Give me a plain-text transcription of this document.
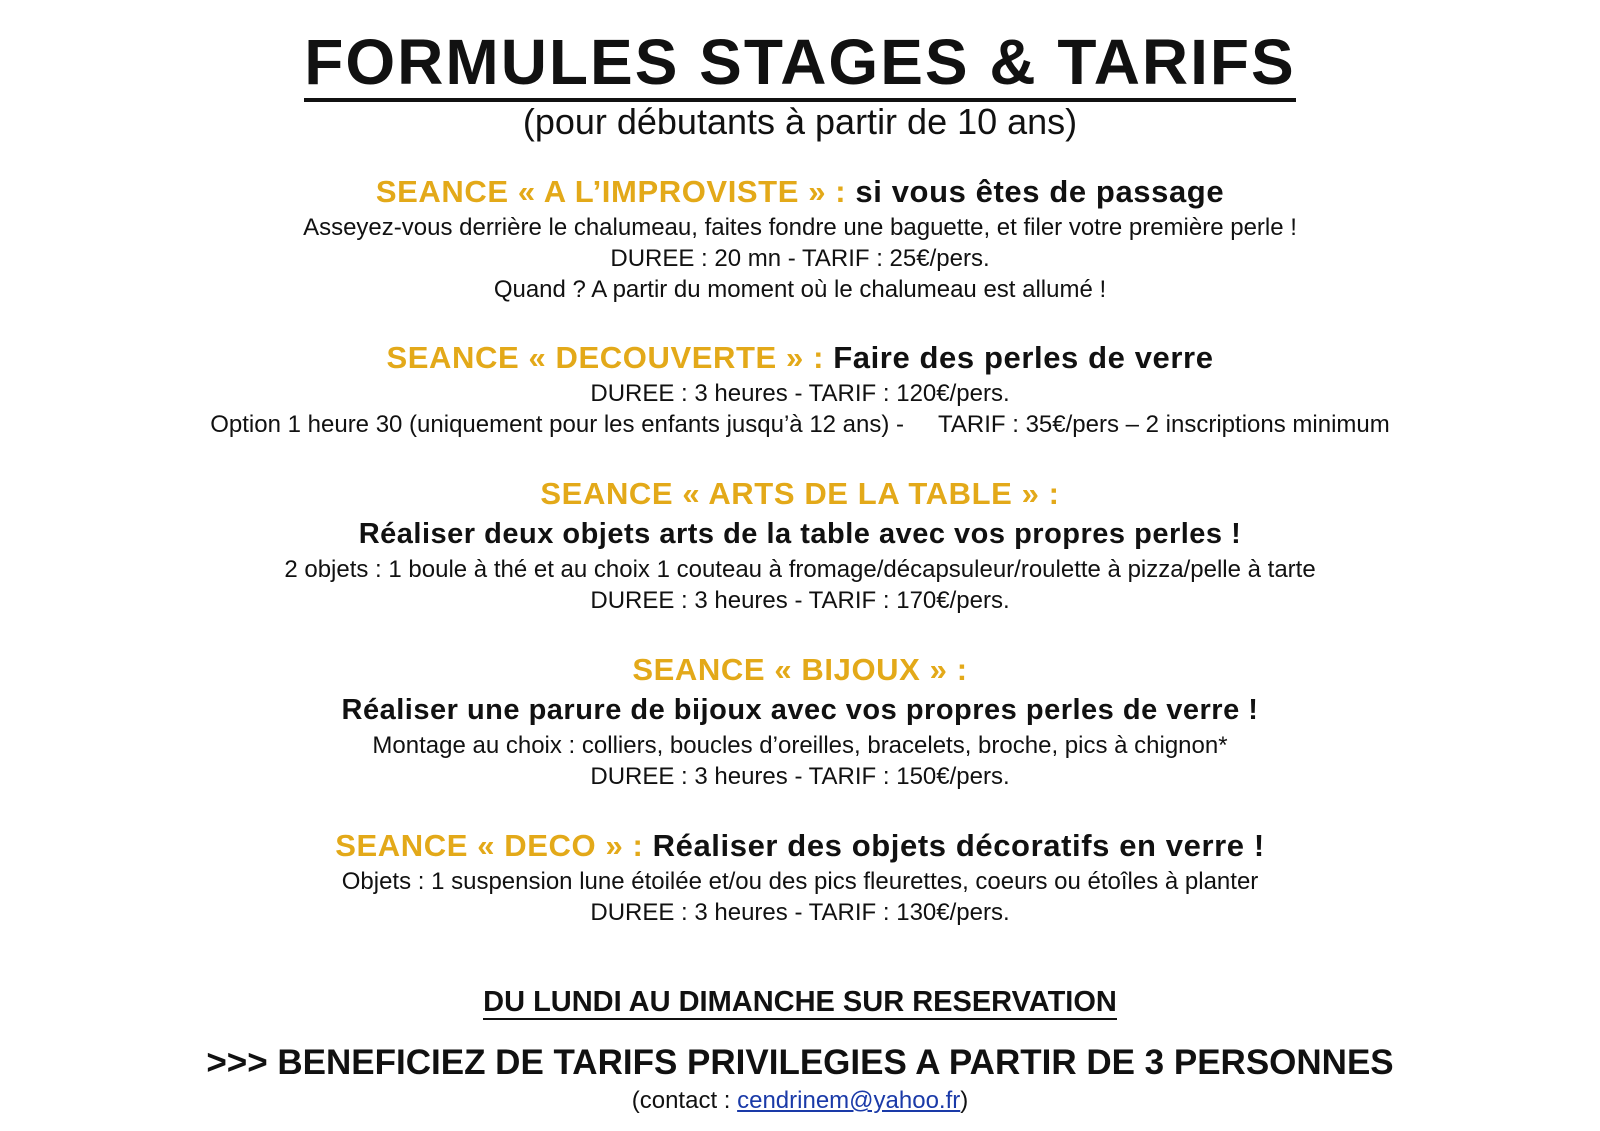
FORMULES STAGES & TARIFS
(pour débutants à partir de 10 ans)
SEANCE « A L’IMPROVISTE » : si vous êtes de passage
Asseyez-vous derrière le chalumeau, faites fondre une baguette, et filer votre première perle !
DUREE : 20 mn - TARIF : 25€/pers.
Quand ? A partir du moment où le chalumeau est allumé !
SEANCE « DECOUVERTE » : Faire des perles de verre
DUREE : 3 heures - TARIF : 120€/pers.
Option 1 heure 30 (uniquement pour les enfants jusqu’à 12 ans) - TARIF : 35€/pers – 2 inscriptions minimum
SEANCE « ARTS DE LA TABLE » :
Réaliser deux objets arts de la table avec vos propres perles !
2 objets : 1 boule à thé et au choix 1 couteau à fromage/décapsuleur/roulette à pizza/pelle à tarte
DUREE : 3 heures - TARIF : 170€/pers.
SEANCE « BIJOUX » :
Réaliser une parure de bijoux avec vos propres perles de verre !
Montage au choix : colliers, boucles d’oreilles, bracelets, broche, pics à chignon*
DUREE : 3 heures - TARIF : 150€/pers.
SEANCE « DECO » : Réaliser des objets décoratifs en verre !
Objets : 1 suspension lune étoilée et/ou des pics fleurettes, coeurs ou étoîles à planter
DUREE : 3 heures - TARIF : 130€/pers.
DU LUNDI AU DIMANCHE SUR RESERVATION
>>> BENEFICIEZ DE TARIFS PRIVILEGIES A PARTIR DE 3 PERSONNES
(contact : cendrinem@yahoo.fr)
